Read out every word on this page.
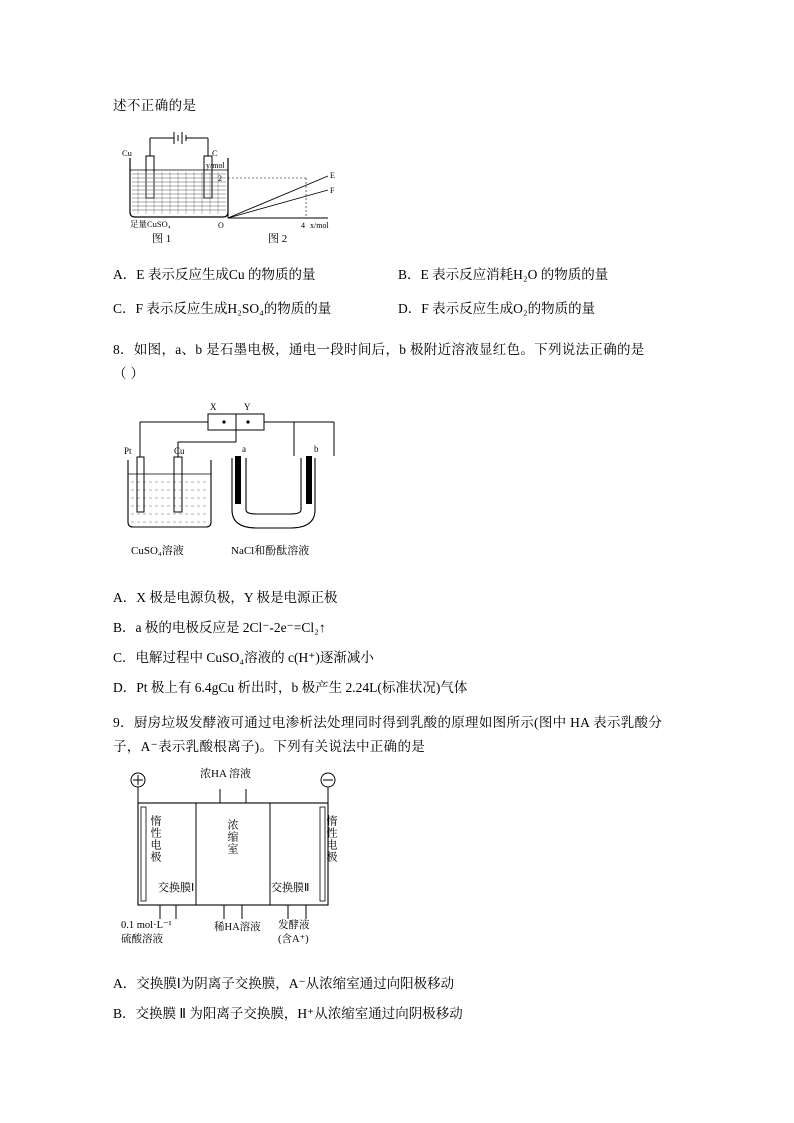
述不正确的是

Cu	C
足量CuSO₄
y/mol
2
O	4 x/mol
E
F
图 1	图 2
A．E 表示反应生成Cu 的物质的量	B．E 表示反应消耗H₂O 的物质的量
C．F 表示反应生成H₂SO₄的物质的量	D．F 表示反应生成O₂的物质的量

8．如图，a、b 是石墨电极，通电一段时间后，b 极附近溶液显红色。下列说法正确的是

（ ）

X	Y
Pt	Cu	a	b
CuSO₄溶液	NaCl和酚酞溶液
A．X 极是电源负极，Y 极是电源正极
B．a 极的电极反应是 2Cl⁻-2e⁻=Cl₂↑
C．电解过程中 CuSO₄溶液的 c(H⁺)逐渐减小
D．Pt 极上有 6.4gCu 析出时，b 极产生 2.24L(标准状况)气体

9．厨房垃圾发酵液可通过电渗析法处理同时得到乳酸的原理如图所示(图中 HA 表示乳酸分

子，A⁻表示乳酸根离子)。下列有关说法中正确的是

浓HA 溶液
惰性电极	惰性电极
浓缩室
交换膜Ⅰ	交换膜Ⅱ
0.1 mol·L⁻¹
硫酸溶液
稀HA溶液 发酵液
(含A⁺)
A．交换膜Ⅰ为阴离子交换膜，A⁻从浓缩室通过向阳极移动
B．交换膜 Ⅱ 为阳离子交换膜，H⁺从浓缩室通过向阴极移动
